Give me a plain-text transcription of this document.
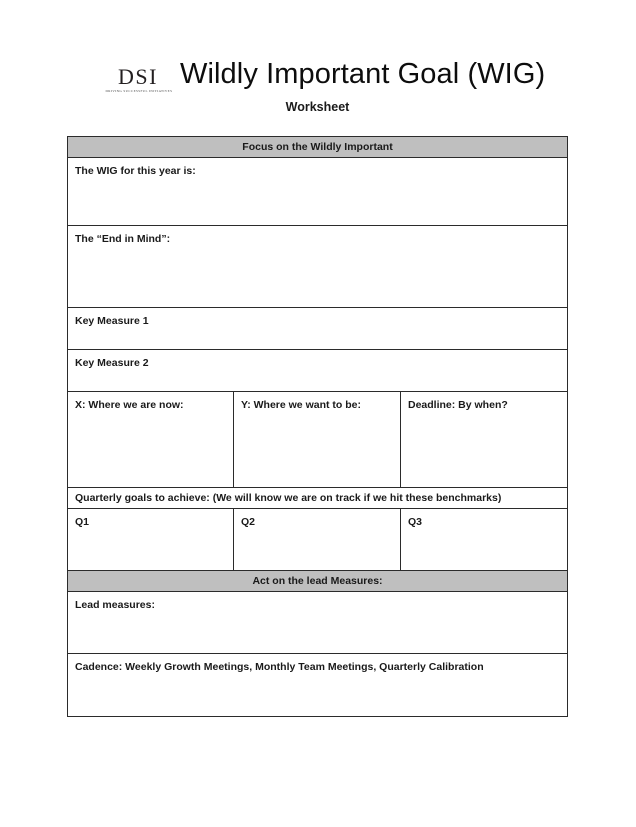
DSI
DRIVING SUCCESSFUL INITIATIVES
Wildly Important Goal (WIG)
Worksheet
Focus on the Wildly Important
The WIG for this year is:
The “End in Mind”:
Key Measure 1
Key Measure 2
X: Where we are now:	Y: Where we want to be:	Deadline: By when?
Quarterly goals to achieve: (We will know we are on track if we hit these benchmarks)
Q1	Q2	Q3
Act on the lead Measures:
Lead measures:
Cadence: Weekly Growth Meetings, Monthly Team Meetings, Quarterly Calibration
